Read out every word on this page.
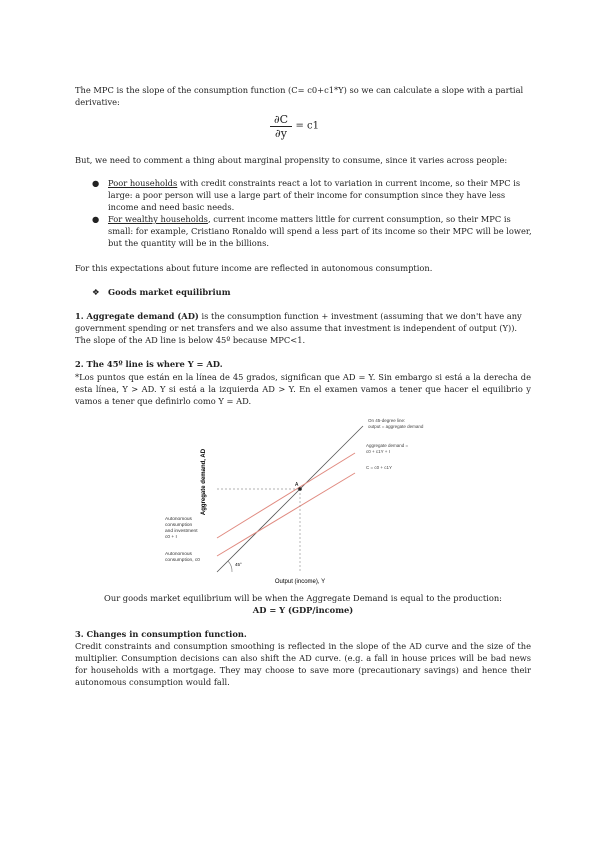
The MPC is the slope of the consumption function (C= c0+c1*Y) so we can calculate a slope with a partial derivative:

$\frac{\partial C}{\partial y} = c1$

But, we need to comment a thing about marginal propensity to consume, since it varies across people:

●	Poor households with credit constraints react a lot to variation in current income, so their MPC is large: a poor person will use a large part of their income for consumption since they have less income and need basic needs.

●	For wealthy households, current income matters little for current consumption, so their MPC is small: for example, Cristiano Ronaldo will spend a less part of its income so their MPC will be lower, but the quantity will be in the billions.

For this expectations about future income are reflected in autonomous consumption.

❖	Goods market equilibrium

1. Aggregate demand (AD) is the consumption function + investment (assuming that we don't have any government spending or net transfers and we also assume that investment is independent of output (Y)). The slope of the AD line is below 45º because MPC<1.

2. The 45º line is where Y = AD.

*Los puntos que están en la línea de 45 grados, significan que AD = Y. Sin embargo si está a la derecha de esta línea, Y > AD. Y si está a la izquierda AD > Y. En el examen vamos a tener que hacer el equilibrio y vamos a tener que definirlo como Y = AD.

A
45°
Aggregate demand, AD
Output (income), Y
On 45-degree line: output = aggregate demand
Aggregate demand = c0 + c1Y + I
C = c0 + c1Y
Autonomous consumption and investment c0 + I
Autonomous consumption, c0

Our goods market equilibrium will be when the Aggregate Demand is equal to the production:

AD = Y (GDP/income)

3. Changes in consumption function.

Credit constraints and consumption smoothing is reflected in the slope of the AD curve and the size of the multiplier. Consumption decisions can also shift the AD curve. (e.g. a fall in house prices will be bad news for households with a mortgage. They may choose to save more (precautionary savings) and hence their autonomous consumption would fall.
